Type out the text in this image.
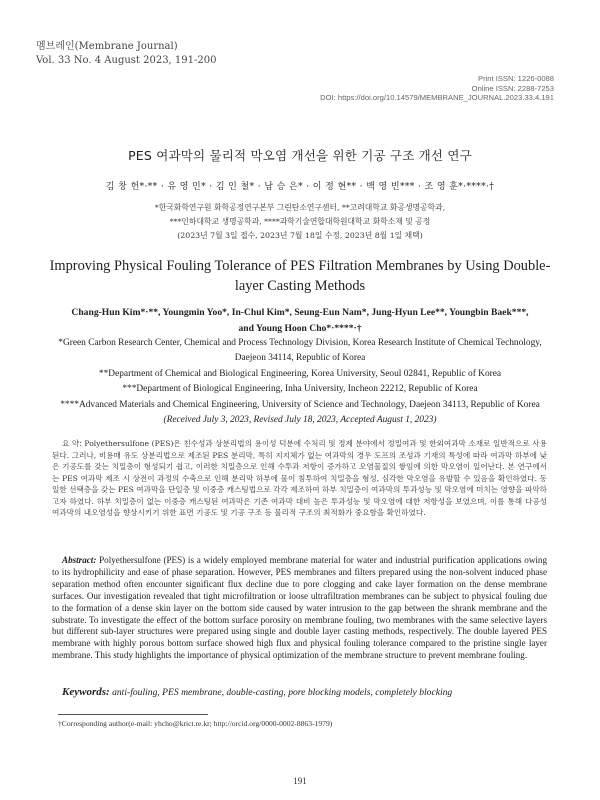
멤브레인(Membrane Journal)
Vol. 33 No. 4 August 2023, 191-200
Print ISSN: 1226-0088
Online ISSN: 2288-7253
DOI: https://doi.org/10.14579/MEMBRANE_JOURNAL.2023.33.4.191
PES 여과막의 물리적 막오염 개선을 위한 기공 구조 개선 연구
김 창 헌*·** · 유 영 민* · 김 인 철* · 남 승 은* · 이 정 현** · 백 영 빈*** · 조 영 훈*·****·†
*한국화학연구원 화학공정연구본부 그린탄소연구센터, **고려대학교 화공생명공학과,
***인하대학교 생명공학과, ****과학기술연합대학원대학교 화학소재 및 공정
(2023년 7월 3일 접수, 2023년 7월 18일 수정, 2023년 8월 1일 채택)
Improving Physical Fouling Tolerance of PES Filtration Membranes by Using Double-layer Casting Methods
Chang-Hun Kim*·**, Youngmin Yoo*, In-Chul Kim*, Seung-Eun Nam*, Jung-Hyun Lee**, Youngbin Baek***,
and Young Hoon Cho*·****·†
*Green Carbon Research Center, Chemical and Process Technology Division, Korea Research Institute of Chemical Technology,
Daejeon 34114, Republic of Korea
**Department of Chemical and Biological Engineering, Korea University, Seoul 02841, Republic of Korea
***Department of Biological Engineering, Inha University, Incheon 22212, Republic of Korea
****Advanced Materials and Chemical Engineering, University of Science and Technology, Daejeon 34113, Republic of Korea
(Received July 3, 2023, Revised July 18, 2023, Accepted August 1, 2023)
요 약: Polyethersulfone (PES)은 친수성과 상분리법의 용이성 덕분에 수처리 및 정제 분야에서 정밀여과 및 한외여과막 소재로 일반적으로 사용된다. 그러나, 비용매 유도 상분리법으로 제조된 PES 분리막, 특히 지지체가 없는 여과막의 경우 도프의 조성과 기재의 특성에 따라 여과막 하부에 낮은 기공도를 갖는 치밀층이 형성되기 쉽고, 이러한 치밀층으로 인해 수투과 저항이 증가하고 오염물질의 쌓임에 의한 막오염이 일어난다. 본 연구에서는 PES 여과막 제조 시 상전이 과정의 수축으로 인해 분리막 하부에 물이 침투하여 치밀층을 형성, 심각한 막오염을 유발할 수 있음을 확인하였다. 동일한 선택층을 갖는 PES 여과막을 단일층 및 이중층 캐스팅법으로 각각 제조하여 하부 치밀층이 여과막의 투과성능 및 막오염에 미치는 영향을 파악하고자 하였다. 하부 치밀층이 없는 이중층 캐스팅된 여과막은 기존 여과막 대비 높은 투과성능 및 막오염에 대한 저항성을 보였으며, 이를 통해 다공성 여과막의 내오염성을 향상시키기 위한 표면 기공도 및 기공 구조 등 물리적 구조의 최적화가 중요함을 확인하였다.
Abstract: Polyethersulfone (PES) is a widely employed membrane material for water and industrial purification applications owing to its hydrophilicity and ease of phase separation. However, PES membranes and filters prepared using the non-solvent induced phase separation method often encounter significant flux decline due to pore clogging and cake layer formation on the dense membrane surfaces. Our investigation revealed that tight microfiltration or loose ultrafiltration membranes can be subject to physical fouling due to the formation of a dense skin layer on the bottom side caused by water intrusion to the gap between the shrank membrane and the substrate. To investigate the effect of the bottom surface porosity on membrane fouling, two membranes with the same selective layers but different sub-layer structures were prepared using single and double layer casting methods, respectively. The double layered PES membrane with highly porous bottom surface showed high flux and physical fouling tolerance compared to the pristine single layer membrane. This study highlights the importance of physical optimization of the membrane structure to prevent membrane fouling.
Keywords: anti-fouling, PES membrane, double-casting, pore blocking models, completely blocking
†Corresponding author(e-mail: yhcho@krict.re.kr; http://orcid.org/0000-0002-8863-1979)
191
